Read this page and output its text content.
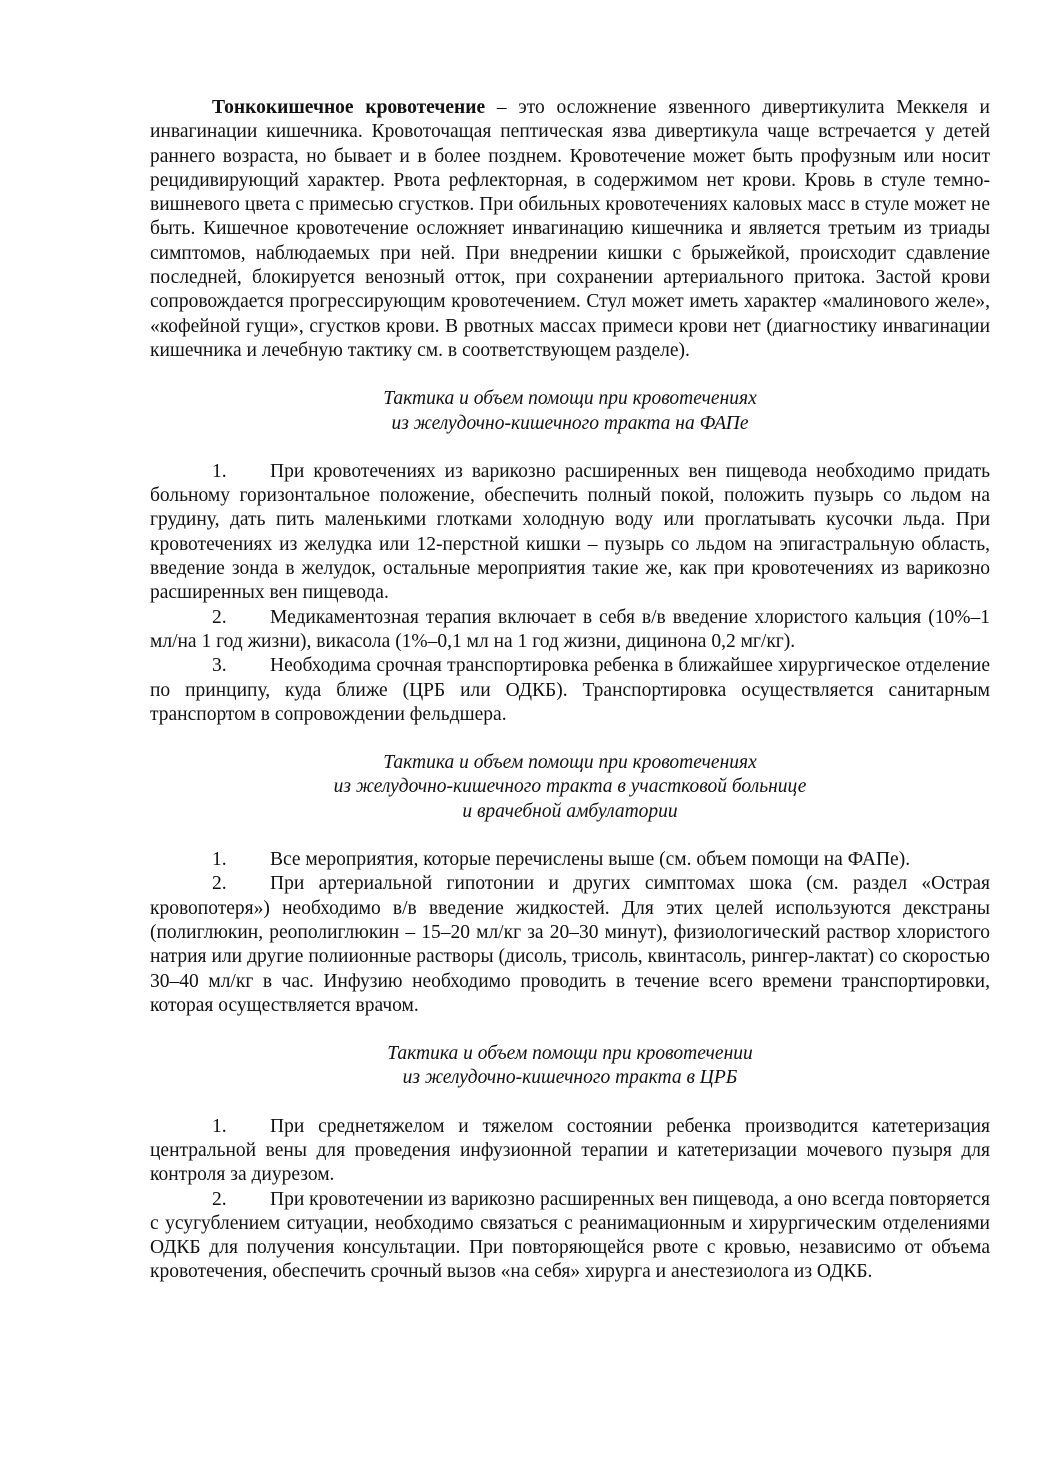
Тонкокишечное кровотечение – это осложнение язвенного дивертикулита Меккеля и инвагинации кишечника. Кровоточащая пептическая язва дивертикула чаще встречается у детей раннего возраста, но бывает и в более позднем. Кровотечение может быть профузным или носит рецидивирующий характер. Рвота рефлекторная, в содержимом нет крови. Кровь в стуле темно-вишневого цвета с примесью сгустков. При обильных кровотечениях каловых масс в стуле может не быть. Кишечное кровотечение осложняет инвагинацию кишечника и является третьим из триады симптомов, наблюдаемых при ней. При внедрении кишки с брыжейкой, происходит сдавление последней, блокируется венозный отток, при сохранении артериального притока. Застой крови сопровождается прогрессирующим кровотечением. Стул может иметь характер «малинового желе», «кофейной гущи», сгустков крови. В рвотных массах примеси крови нет (диагностику инвагинации кишечника и лечебную тактику см. в соответствующем разделе).

Тактика и объем помощи при кровотечениях
из желудочно-кишечного тракта на ФАПе

1. При кровотечениях из варикозно расширенных вен пищевода необходимо придать больному горизонтальное положение, обеспечить полный покой, положить пузырь со льдом на грудину, дать пить маленькими глотками холодную воду или проглатывать кусочки льда. При кровотечениях из желудка или 12-перстной кишки – пузырь со льдом на эпигастральную область, введение зонда в желудок, остальные мероприятия такие же, как при кровотечениях из варикозно расширенных вен пищевода.

2. Медикаментозная терапия включает в себя в/в введение хлористого кальция (10%–1 мл/на 1 год жизни), викасола (1%–0,1 мл на 1 год жизни, дицинона 0,2 мг/кг).

3. Необходима срочная транспортировка ребенка в ближайшее хирургическое отделение по принципу, куда ближе (ЦРБ или ОДКБ). Транспортировка осуществляется санитарным транспортом в сопровождении фельдшера.

Тактика и объем помощи при кровотечениях
из желудочно-кишечного тракта в участковой больнице
и врачебной амбулатории

1. Все мероприятия, которые перечислены выше (см. объем помощи на ФАПе).

2. При артериальной гипотонии и других симптомах шока (см. раздел «Острая кровопотеря») необходимо в/в введение жидкостей. Для этих целей используются декстраны (полиглюкин, реополиглюкин – 15–20 мл/кг за 20–30 минут), физиологический раствор хлористого натрия или другие полиионные растворы (дисоль, трисоль, квинтасоль, рингер-лактат) со скоростью 30–40 мл/кг в час. Инфузию необходимо проводить в течение всего времени транспортировки, которая осуществляется врачом.

Тактика и объем помощи при кровотечении
из желудочно-кишечного тракта в ЦРБ

1. При среднетяжелом и тяжелом состоянии ребенка производится катетеризация центральной вены для проведения инфузионной терапии и катетеризации мочевого пузыря для контроля за диурезом.

2. При кровотечении из варикозно расширенных вен пищевода, а оно всегда повторяется с усугублением ситуации, необходимо связаться с реанимационным и хирургическим отделениями ОДКБ для получения консультации. При повторяющейся рвоте с кровью, независимо от объема кровотечения, обеспечить срочный вызов «на себя» хирурга и анестезиолога из ОДКБ.
